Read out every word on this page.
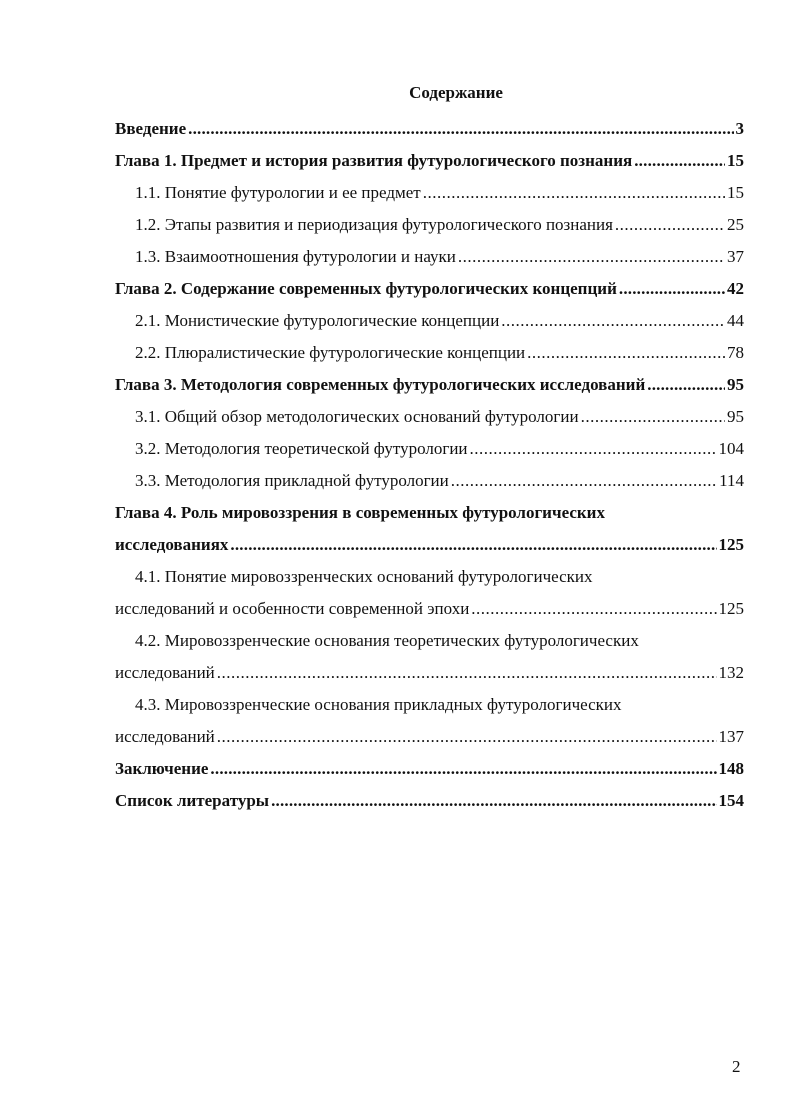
Содержание
Введение .....	3
Глава 1. Предмет и история развития футурологического познания .....	15
1.1. Понятие футурологии и ее предмет .....	15
1.2. Этапы развития и периодизация футурологического познания .....	25
1.3. Взаимоотношения футурологии и науки .....	37
Глава 2. Содержание современных футурологических концепций .....	42
2.1. Монистические футурологические концепции .....	44
2.2. Плюралистические футурологические концепции .....	78
Глава 3. Методология современных футурологических исследований .....	95
3.1. Общий обзор методологических оснований футурологии .....	95
3.2. Методология теоретической футурологии .....	104
3.3. Методология прикладной футурологии .....	114
Глава 4. Роль мировоззрения в современных футурологических
исследованиях .....	125
4.1. Понятие мировоззренческих оснований футурологических
исследований и особенности современной эпохи .....	125
4.2. Мировоззренческие основания теоретических футурологических
исследований .....	132
4.3. Мировоззренческие основания прикладных футурологических
исследований .....	137
Заключение .....	148
Список литературы .....	154
2
